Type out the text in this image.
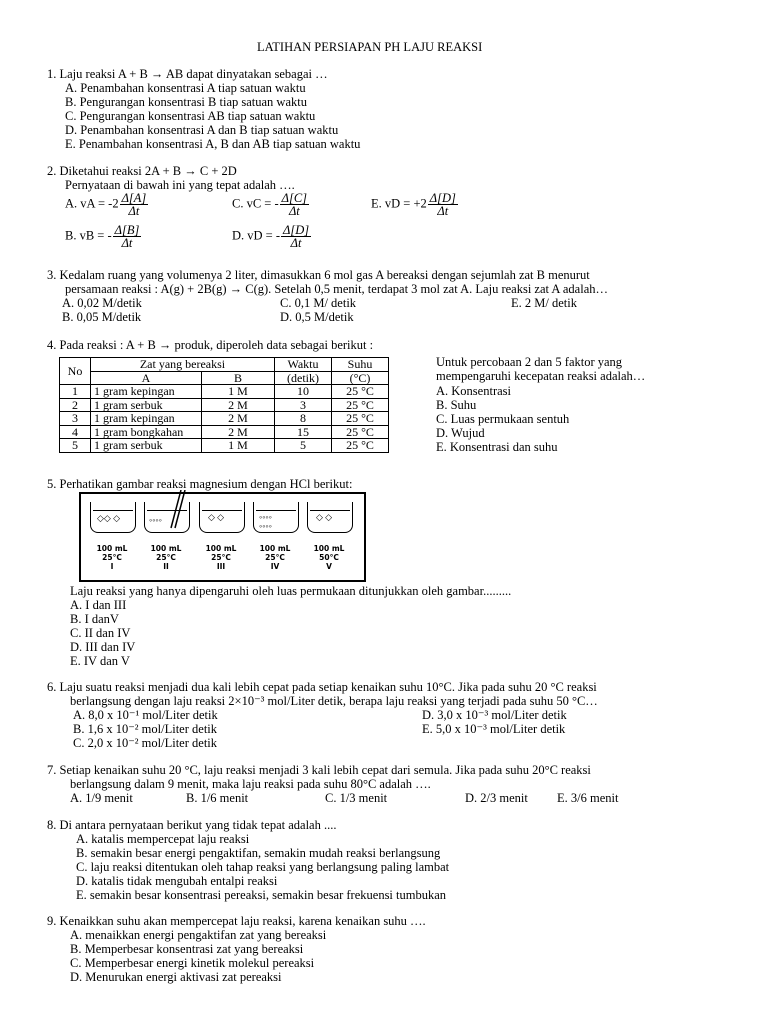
LATIHAN PERSIAPAN PH LAJU REAKSI
1. Laju reaksi A + B → AB dapat dinyatakan sebagai …
A. Penambahan konsentrasi A tiap satuan waktu
B. Pengurangan konsentrasi B tiap satuan waktu
C. Pengurangan konsentrasi AB tiap satuan waktu
D. Penambahan konsentrasi A dan B tiap satuan waktu
E. Penambahan konsentrasi A, B dan AB tiap satuan waktu
2. Diketahui reaksi 2A + B → C + 2D
Pernyataan di bawah ini yang tepat adalah ….
A. vA = $-2 \frac{\Delta[A]}{\Delta t}$	C. vC = - $\frac{\Delta[C]}{\Delta t}$	E. vD = $+2 \frac{\Delta[D]}{\Delta t}$
B. vB = - $\frac{\Delta[B]}{\Delta t}$	D. vD = - $\frac{\Delta[D]}{\Delta t}$
3. Kedalam ruang yang volumenya 2 liter, dimasukkan 6 mol gas A bereaksi dengan sejumlah zat B menurut
persamaan reaksi : A(g) + 2B(g) → C(g). Setelah 0,5 menit, terdapat 3 mol zat A. Laju reaksi zat A adalah…
A. 0,02 M/detik	C. 0,1 M/ detik	E. 2 M/ detik
B. 0,05 M/detik	D. 0,5 M/detik
4. Pada reaksi : A + B → produk, diperoleh data sebagai berikut :
No	Zat yang bereaksi		Waktu	Suhu
	A	B	(detik)	(°C)
1	1 gram kepingan	1 M	10	25 °C
2	1 gram serbuk	2 M	3	25 °C
3	1 gram kepingan	2 M	8	25 °C
4	1 gram bongkahan	2 M	15	25 °C
5	1 gram serbuk	1 M	5	25 °C
Untuk percobaan 2 dan 5 faktor yang
mempengaruhi kecepatan reaksi adalah…
A. Konsentrasi
B. Suhu
C. Luas permukaan sentuh
D. Wujud
E. Konsentrasi dan suhu
5. Perhatikan gambar reaksi magnesium dengan HCl berikut:
◇◇ ◇	◦◦◦◦	◇ ◇	◦◦◦◦
◦◦◦◦
◇ ◇
100 mL
25°C
I
100 mL
25°C
II
100 mL
25°C
III
100 mL
25°C
IV
100 mL
50°C
V
Laju reaksi yang hanya dipengaruhi oleh luas permukaan ditunjukkan oleh gambar.........
A. I dan III
B. I danV
C. II dan IV
D. III dan IV
E. IV dan V
6. Laju suatu reaksi menjadi dua kali lebih cepat pada setiap kenaikan suhu 10°C. Jika pada suhu 20 °C reaksi
berlangsung dengan laju reaksi 2×10⁻³ mol/Liter detik, berapa laju reaksi yang terjadi pada suhu 50 °C…
A. 8,0 x 10⁻¹ mol/Liter detik	D. 3,0 x 10⁻³ mol/Liter detik
B. 1,6 x 10⁻² mol/Liter detik	E. 5,0 x 10⁻³ mol/Liter detik
C. 2,0 x 10⁻² mol/Liter detik
7. Setiap kenaikan suhu 20 °C, laju reaksi menjadi 3 kali lebih cepat dari semula. Jika pada suhu 20°C reaksi
berlangsung dalam 9 menit, maka laju reaksi pada suhu 80°C adalah ….
A. 1/9 menit	B. 1/6 menit	C. 1/3 menit	D. 2/3 menit E. 3/6 menit
8. Di antara pernyataan berikut yang tidak tepat adalah ....
A. katalis mempercepat laju reaksi
B. semakin besar energi pengaktifan, semakin mudah reaksi berlangsung
C. laju reaksi ditentukan oleh tahap reaksi yang berlangsung paling lambat
D. katalis tidak mengubah entalpi reaksi
E. semakin besar konsentrasi pereaksi, semakin besar frekuensi tumbukan
9. Kenaikkan suhu akan mempercepat laju reaksi, karena kenaikan suhu ….
A. menaikkan energi pengaktifan zat yang bereaksi
B. Memperbesar konsentrasi zat yang bereaksi
C. Memperbesar energi kinetik molekul pereaksi
D. Menurukan energi aktivasi zat pereaksi
